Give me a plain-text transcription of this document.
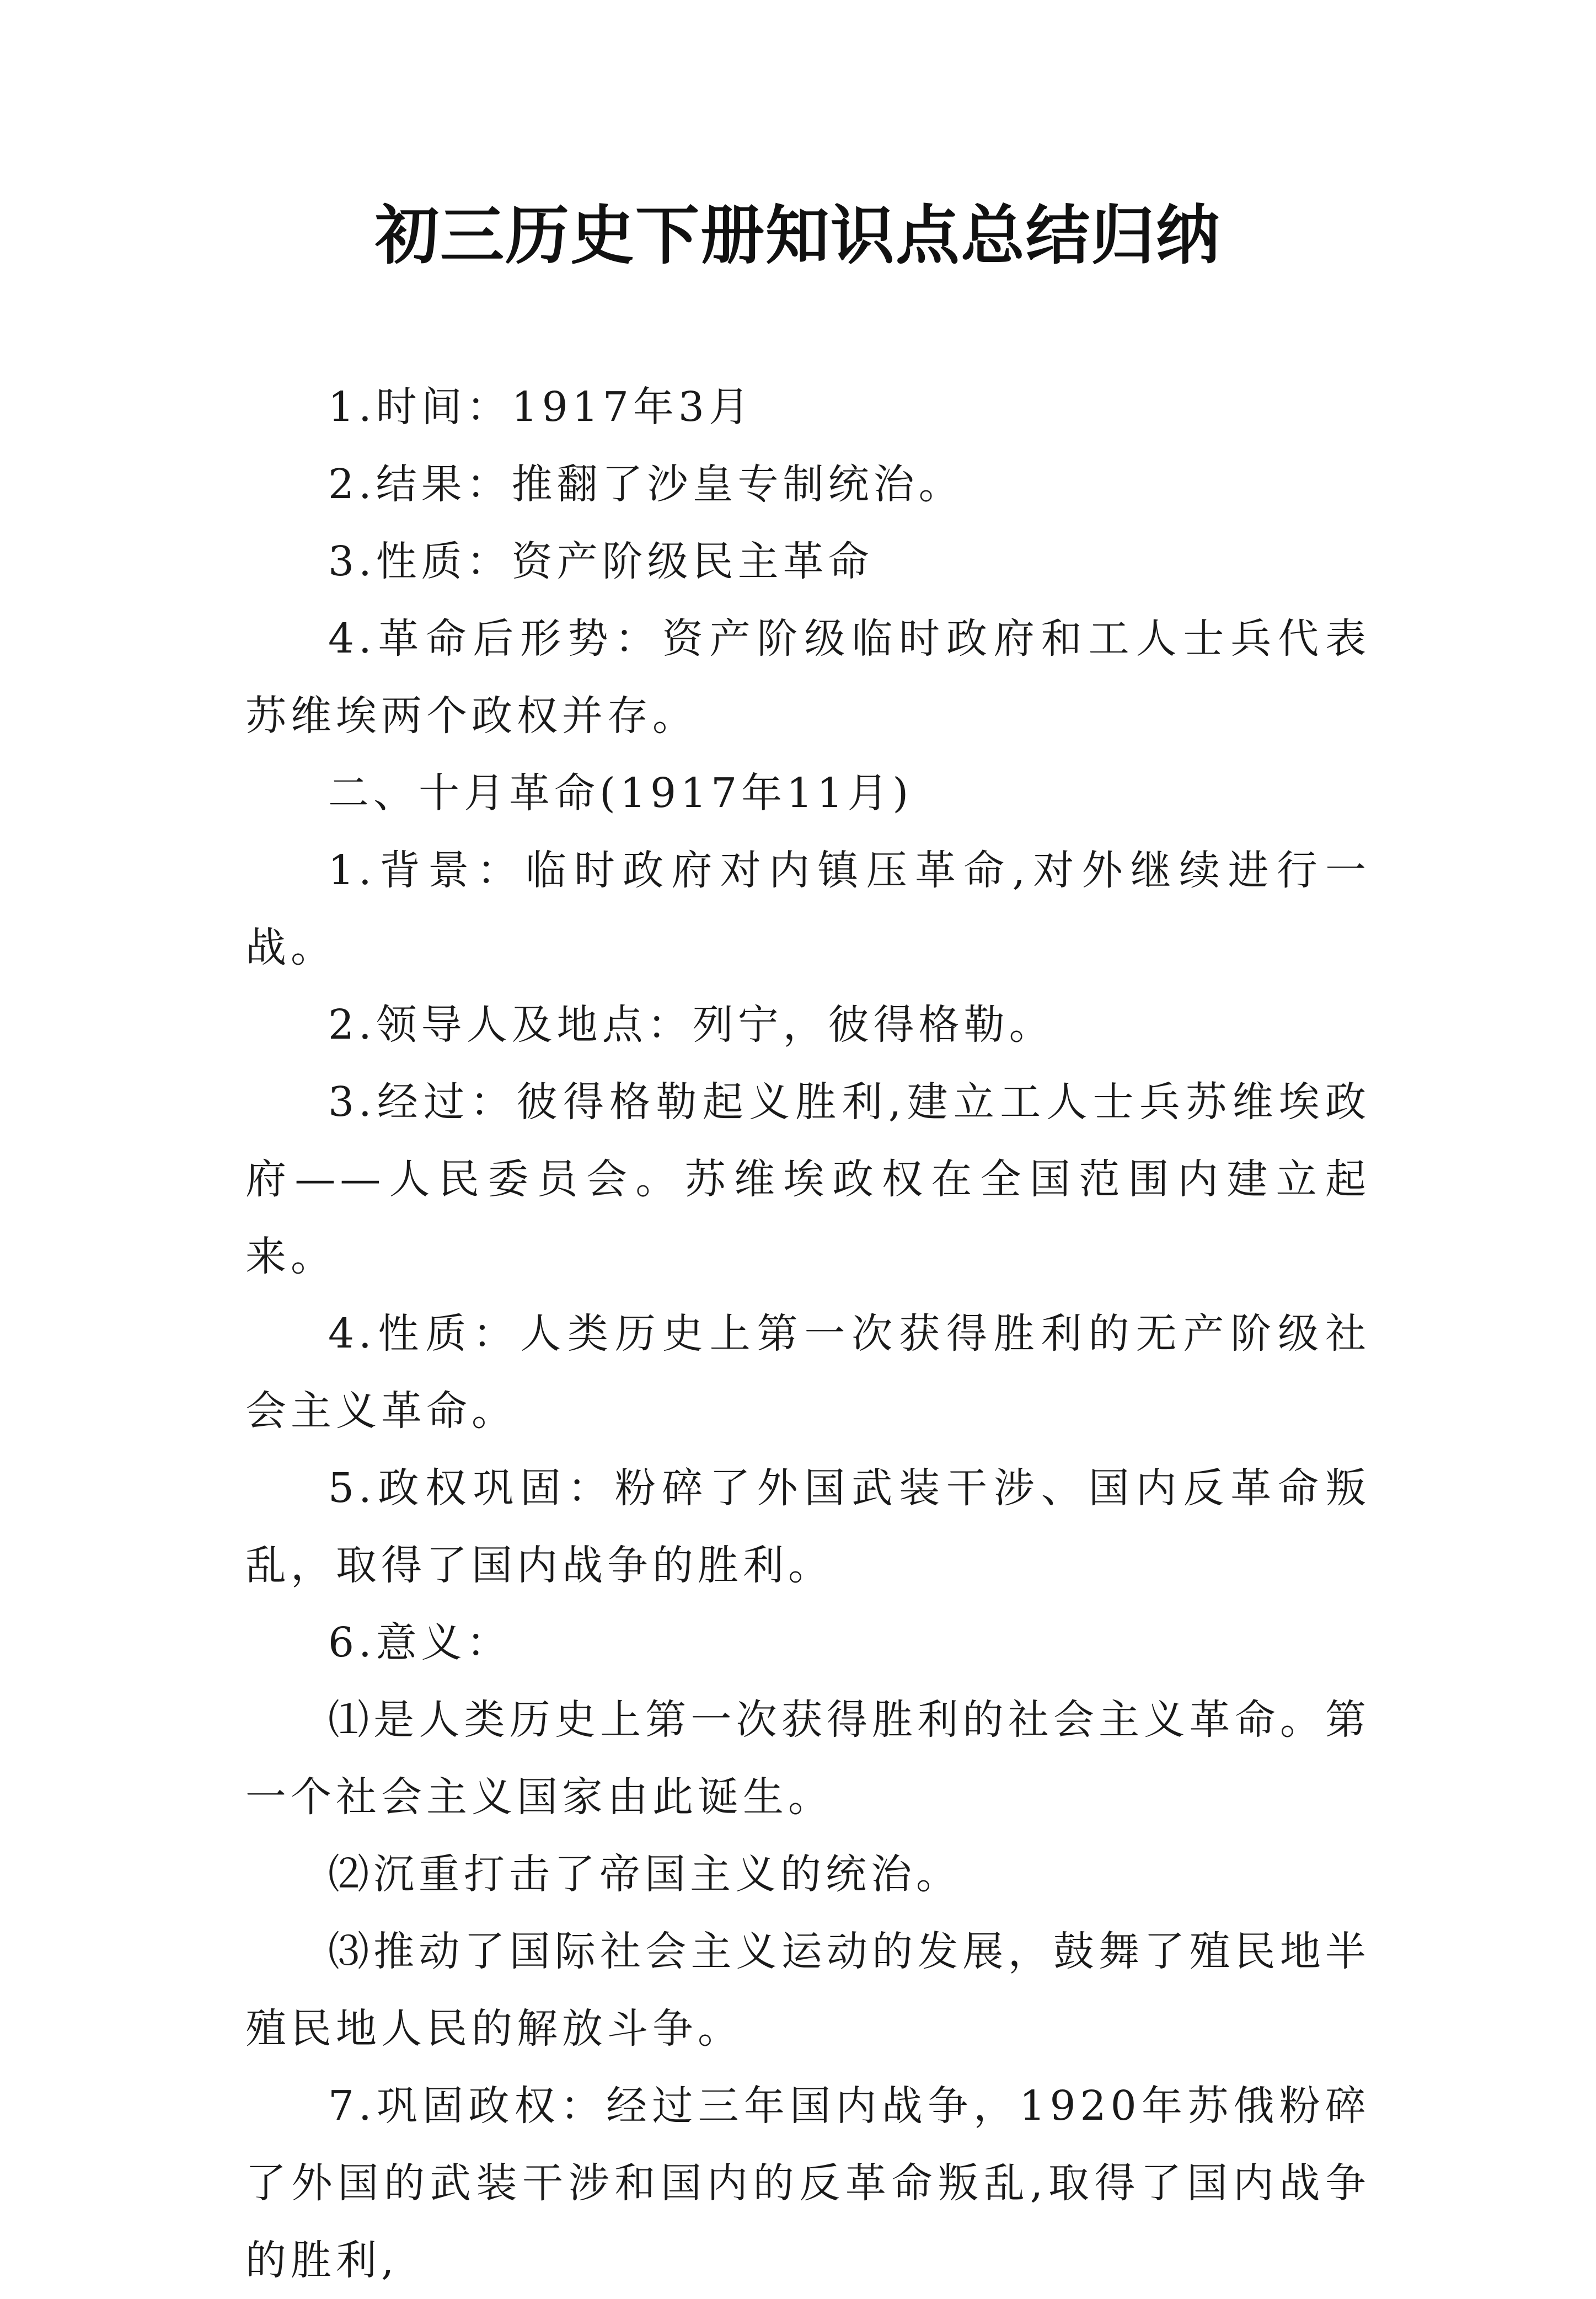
初三历史下册知识点总结归纳

1.时间：1917年3月

2.结果：推翻了沙皇专制统治。

3.性质：资产阶级民主革命

4.革命后形势：资产阶级临时政府和工人士兵代表苏维埃两个政权并存。

二、十月革命(1917年11月)

1.背景：临时政府对内镇压革命,对外继续进行一战。

2.领导人及地点：列宁，彼得格勒。

3.经过：彼得格勒起义胜利,建立工人士兵苏维埃政府——人民委员会。苏维埃政权在全国范围内建立起来。

4.性质：人类历史上第一次获得胜利的无产阶级社会主义革命。

5.政权巩固：粉碎了外国武装干涉、国内反革命叛乱，取得了国内战争的胜利。

6.意义：

⑴是人类历史上第一次获得胜利的社会主义革命。第一个社会主义国家由此诞生。

⑵沉重打击了帝国主义的统治。

⑶推动了国际社会主义运动的发展，鼓舞了殖民地半殖民地人民的解放斗争。

7.巩固政权：经过三年国内战争，1920年苏俄粉碎了外国的武装干涉和国内的反革命叛乱,取得了国内战争的胜利,
